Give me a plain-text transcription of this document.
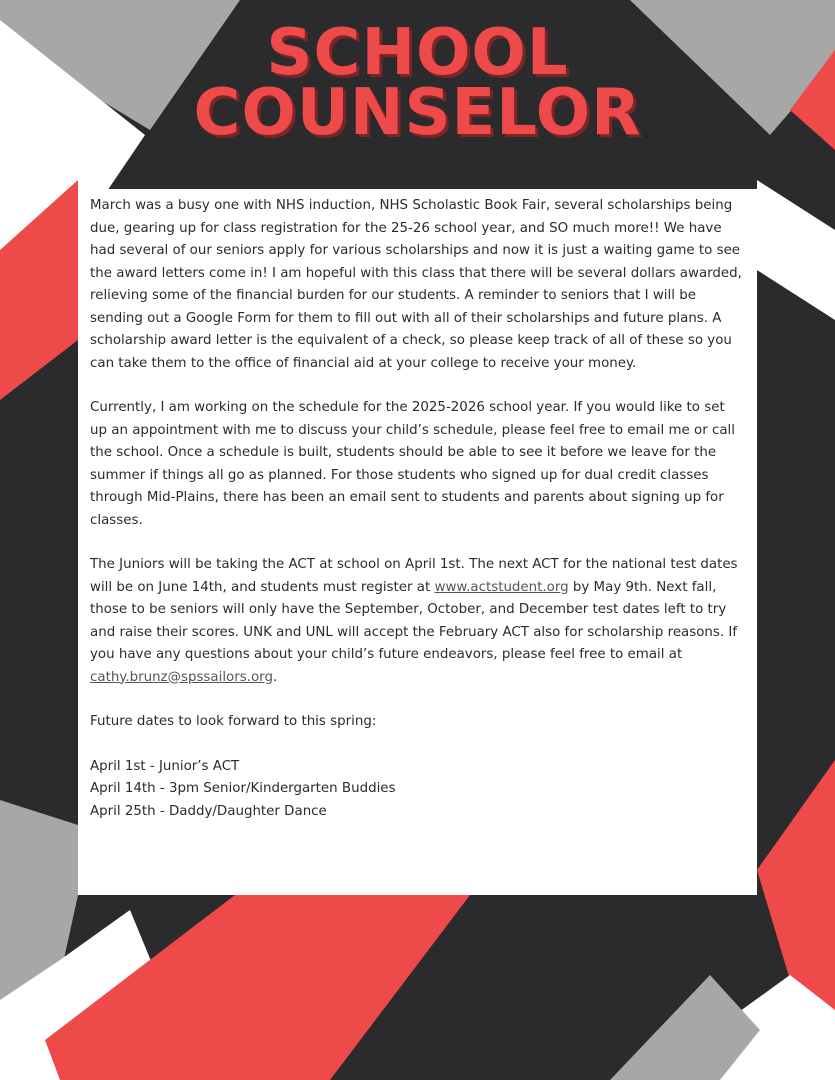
SCHOOL
COUNSELOR

March was a busy one with NHS induction, NHS Scholastic Book Fair, several scholarships being due, gearing up for class registration for the 25-26 school year, and SO much more!! We have had several of our seniors apply for various scholarships and now it is just a waiting game to see the award letters come in! I am hopeful with this class that there will be several dollars awarded, relieving some of the financial burden for our students. A reminder to seniors that I will be sending out a Google Form for them to fill out with all of their scholarships and future plans. A scholarship award letter is the equivalent of a check, so please keep track of all of these so you can take them to the office of financial aid at your college to receive your money.

Currently, I am working on the schedule for the 2025-2026 school year. If you would like to set up an appointment with me to discuss your child’s schedule, please feel free to email me or call the school. Once a schedule is built, students should be able to see it before we leave for the summer if things all go as planned. For those students who signed up for dual credit classes through Mid-Plains, there has been an email sent to students and parents about signing up for classes.

The Juniors will be taking the ACT at school on April 1st. The next ACT for the national test dates will be on June 14th, and students must register at www.actstudent.org by May 9th. Next fall, those to be seniors will only have the September, October, and December test dates left to try and raise their scores. UNK and UNL will accept the February ACT also for scholarship reasons. If you have any questions about your child’s future endeavors, please feel free to email at cathy.brunz@spssailors.org.

Future dates to look forward to this spring:

April 1st - Junior’s ACT
April 14th - 3pm Senior/Kindergarten Buddies
April 25th - Daddy/Daughter Dance
